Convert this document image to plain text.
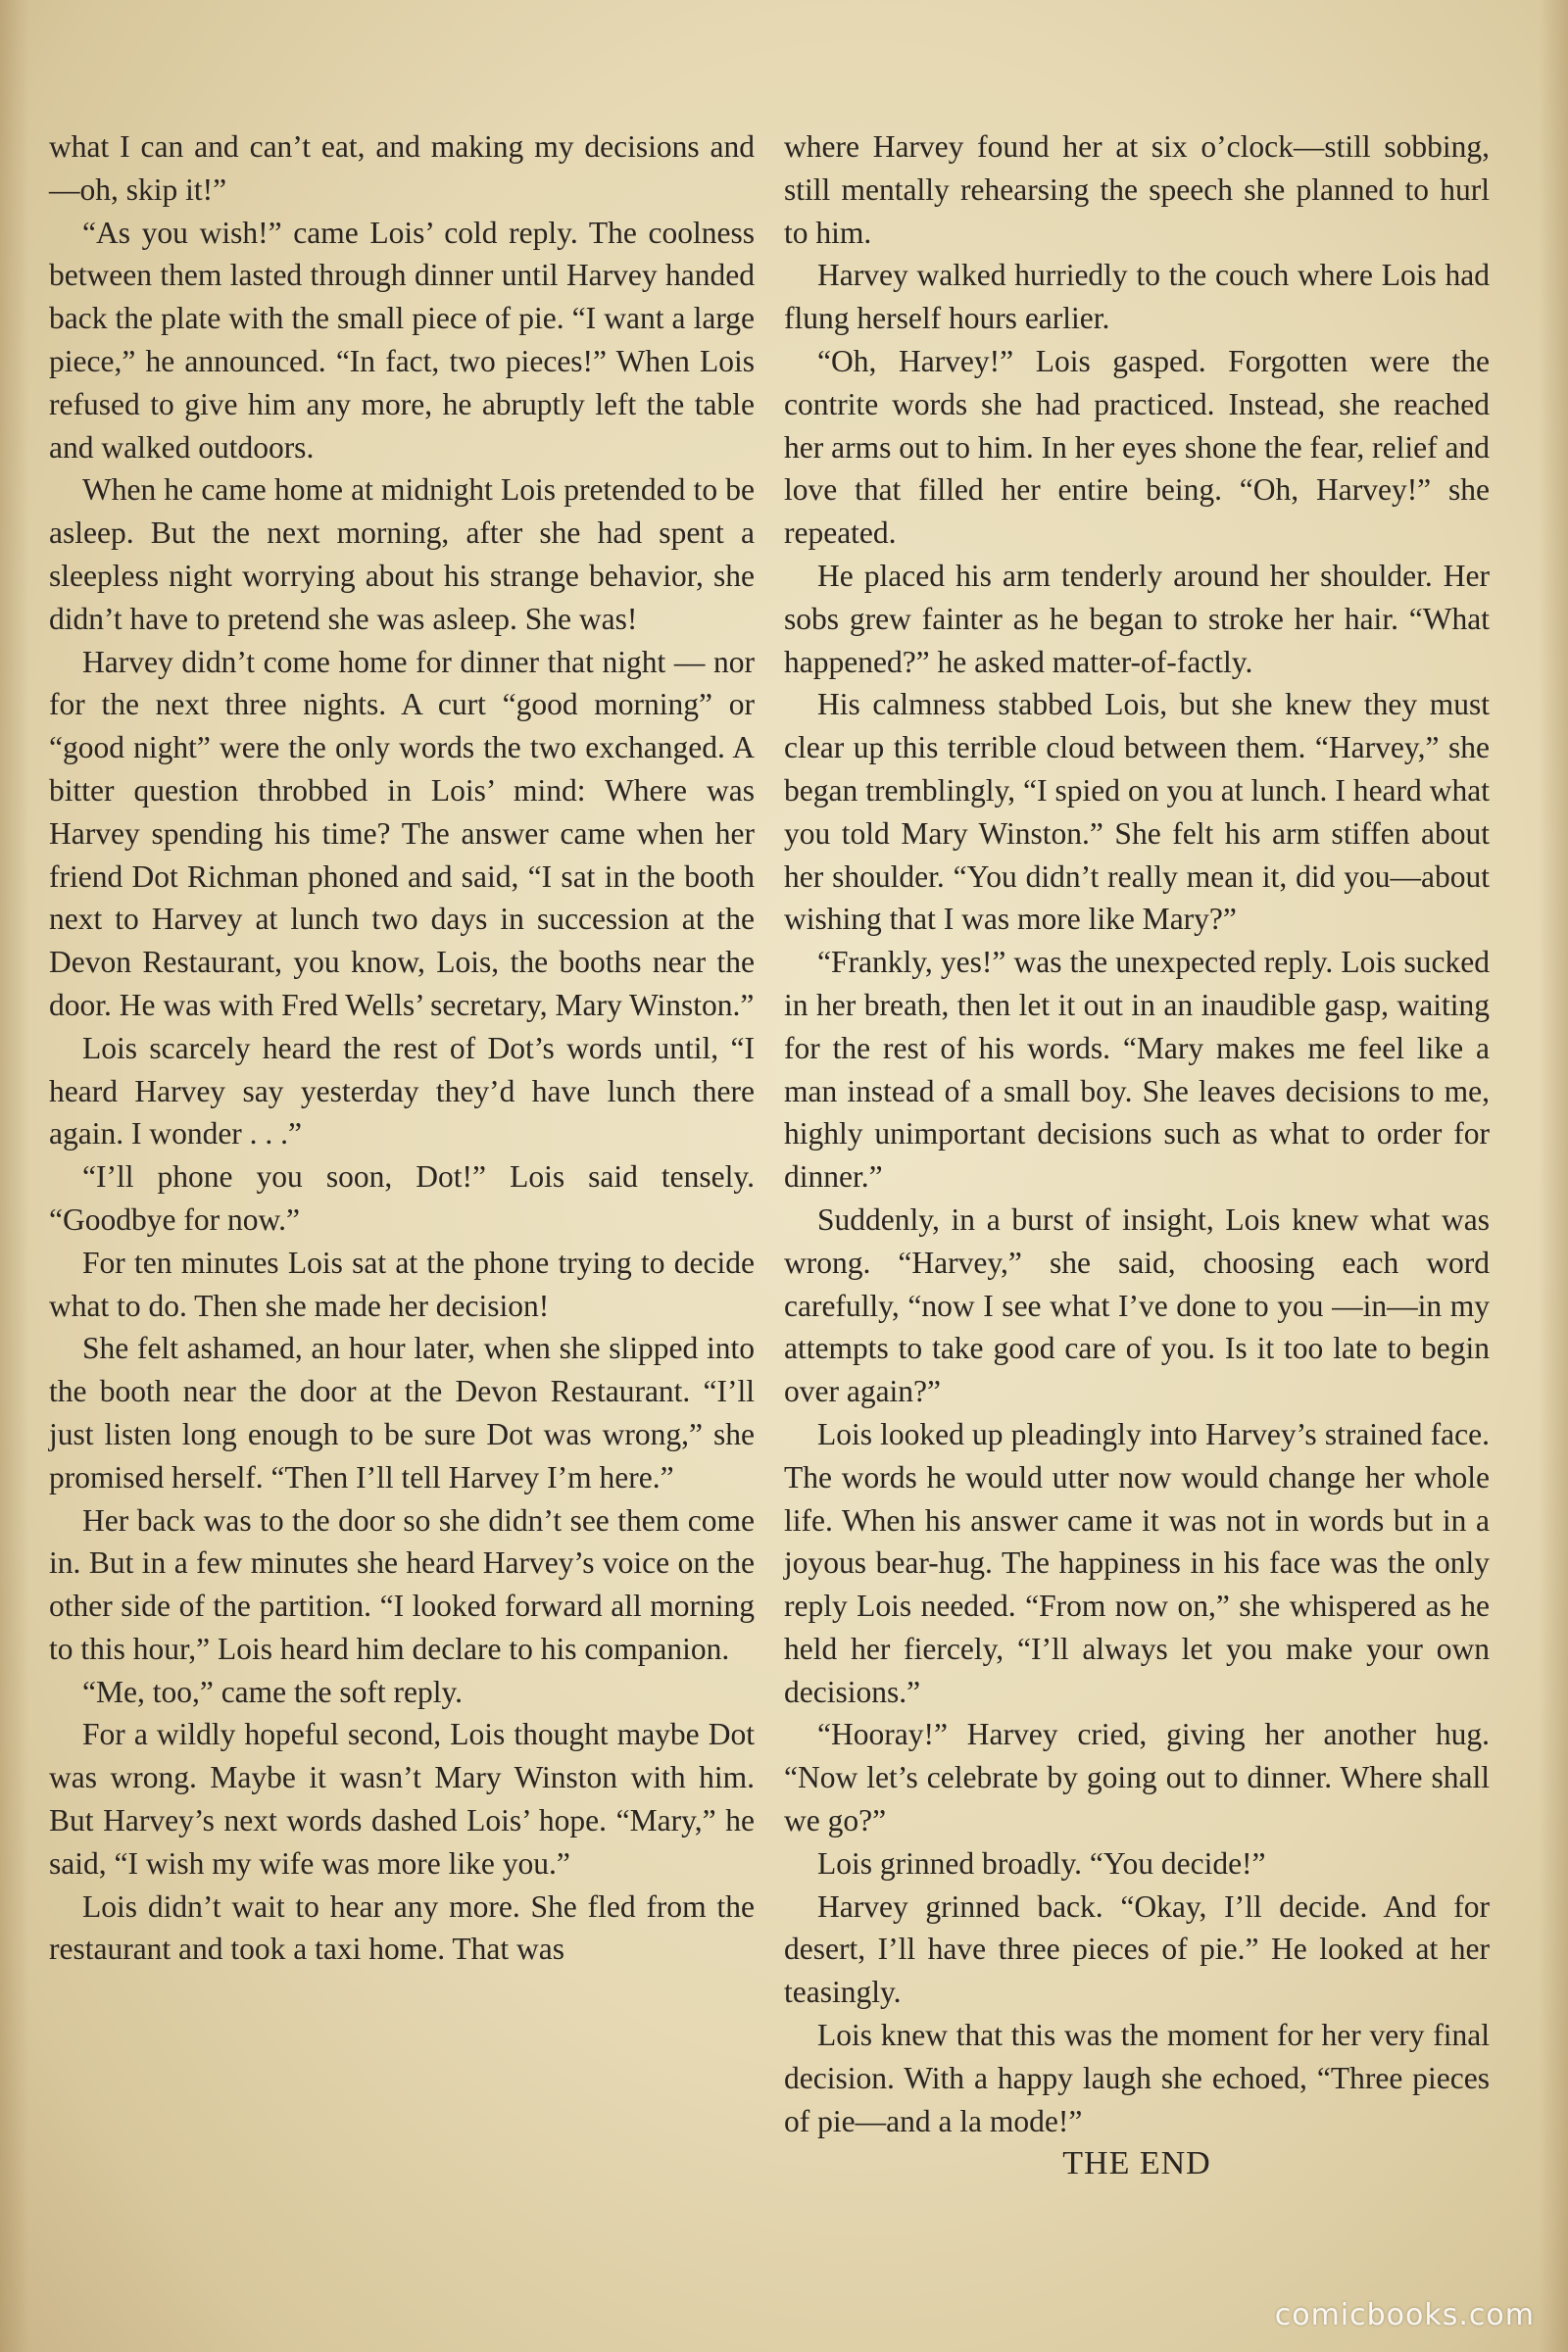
what I can and can’t eat, and making my decisions and—oh, skip it!”

“As you wish!” came Lois’ cold reply. The coolness between them lasted through dinner until Harvey handed back the plate with the small piece of pie. “I want a large piece,” he announced. “In fact, two pieces!” When Lois refused to give him any more, he abruptly left the table and walked outdoors.

When he came home at midnight Lois pretended to be asleep. But the next morning, after she had spent a sleepless night worrying about his strange behavior, she didn’t have to pretend she was asleep. She was!

Harvey didn’t come home for dinner that night — nor for the next three nights. A curt “good morning” or “good night” were the only words the two exchanged. A bitter question throbbed in Lois’ mind: Where was Harvey spending his time? The answer came when her friend Dot Richman phoned and said, “I sat in the booth next to Harvey at lunch two days in succession at the Devon Restaurant, you know, Lois, the booths near the door. He was with Fred Wells’ secretary, Mary Winston.”

Lois scarcely heard the rest of Dot’s words until, “I heard Harvey say yesterday they’d have lunch there again. I wonder . . .”

“I’ll phone you soon, Dot!” Lois said tensely. “Goodbye for now.”

For ten minutes Lois sat at the phone trying to decide what to do. Then she made her decision!

She felt ashamed, an hour later, when she slipped into the booth near the door at the Devon Restaurant. “I’ll just listen long enough to be sure Dot was wrong,” she promised herself. “Then I’ll tell Harvey I’m here.”

Her back was to the door so she didn’t see them come in. But in a few minutes she heard Harvey’s voice on the other side of the partition. “I looked forward all morning to this hour,” Lois heard him declare to his companion.

“Me, too,” came the soft reply.

For a wildly hopeful second, Lois thought maybe Dot was wrong. Maybe it wasn’t Mary Winston with him. But Harvey’s next words dashed Lois’ hope. “Mary,” he said, “I wish my wife was more like you.”

Lois didn’t wait to hear any more. She fled from the restaurant and took a taxi home. That was

where Harvey found her at six o’clock—still sobbing, still mentally rehearsing the speech she planned to hurl to him.

Harvey walked hurriedly to the couch where Lois had flung herself hours earlier.

“Oh, Harvey!” Lois gasped. Forgotten were the contrite words she had practiced. Instead, she reached her arms out to him. In her eyes shone the fear, relief and love that filled her entire being. “Oh, Harvey!” she repeated.

He placed his arm tenderly around her shoulder. Her sobs grew fainter as he began to stroke her hair. “What happened?” he asked matter-of-factly.

His calmness stabbed Lois, but she knew they must clear up this terrible cloud between them. “Harvey,” she began tremblingly, “I spied on you at lunch. I heard what you told Mary Winston.” She felt his arm stiffen about her shoulder. “You didn’t really mean it, did you—about wishing that I was more like Mary?”

“Frankly, yes!” was the unexpected reply. Lois sucked in her breath, then let it out in an inaudible gasp, waiting for the rest of his words. “Mary makes me feel like a man instead of a small boy. She leaves decisions to me, highly unimportant decisions such as what to order for dinner.”

Suddenly, in a burst of insight, Lois knew what was wrong. “Harvey,” she said, choosing each word carefully, “now I see what I’ve done to you —in—in my attempts to take good care of you. Is it too late to begin over again?”

Lois looked up pleadingly into Harvey’s strained face. The words he would utter now would change her whole life. When his answer came it was not in words but in a joyous bear-hug. The happiness in his face was the only reply Lois needed. “From now on,” she whispered as he held her fiercely, “I’ll always let you make your own decisions.”

“Hooray!” Harvey cried, giving her another hug. “Now let’s celebrate by going out to dinner. Where shall we go?”

Lois grinned broadly. “You decide!”

Harvey grinned back. “Okay, I’ll decide. And for desert, I’ll have three pieces of pie.” He looked at her teasingly.

Lois knew that this was the moment for her very final decision. With a happy laugh she echoed, “Three pieces of pie—and a la mode!”

THE END

comicbooks.com
